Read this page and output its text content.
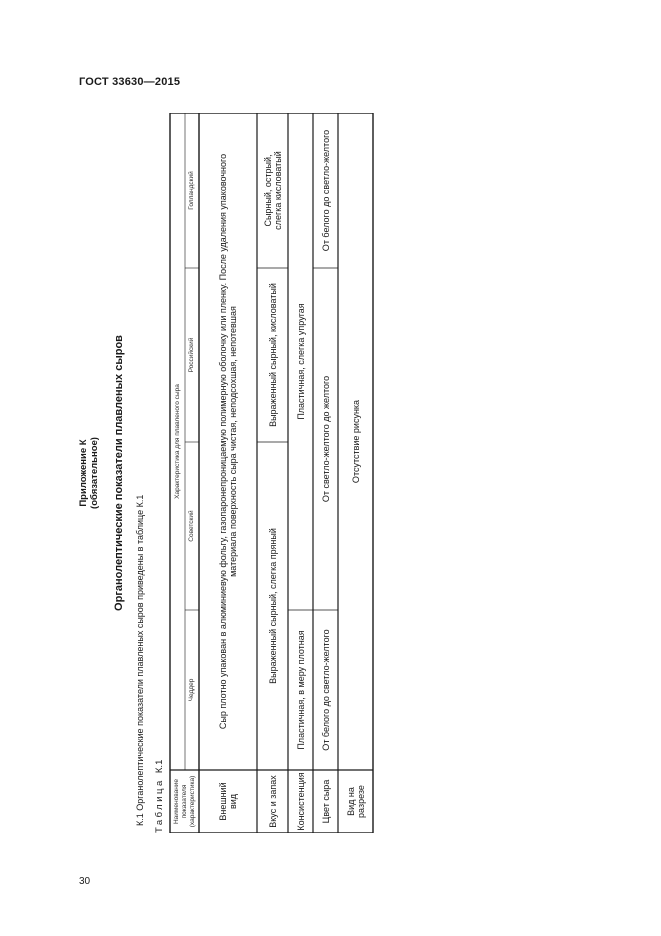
ГОСТ 33630—2015
30
Приложение К (обязательное) Органолептические показатели плавленых сыров
К.1 Органолептические показатели плавленых сыров приведены в таблице К.1 Таблица К.1
Наименование показателя (характеристика)
Характеристика для плавленого сыра
Чеддер
Советский
Российский
Голландский
Внешний вид
Сыр плотно упакован в алюминиевую фольгу, газопаронепроницаемую полимерную оболочку или пленку. После удаления упаковочного материала поверхность сыра чистая, неподсохшая, непотевшая
Вкус и запах
Выраженный сырный, слегка пряный
Выраженный сырный, кисловатый
Сырный, острый, слегка кисловатый
Консистенция
Пластичная, в меру плотная
Пластичная, слегка упругая
Цвет сыра
От белого до светло-желтого
От светло-желтого до желтого
От белого до светло-желтого
Вид на разрезе
Отсутствие рисунка
